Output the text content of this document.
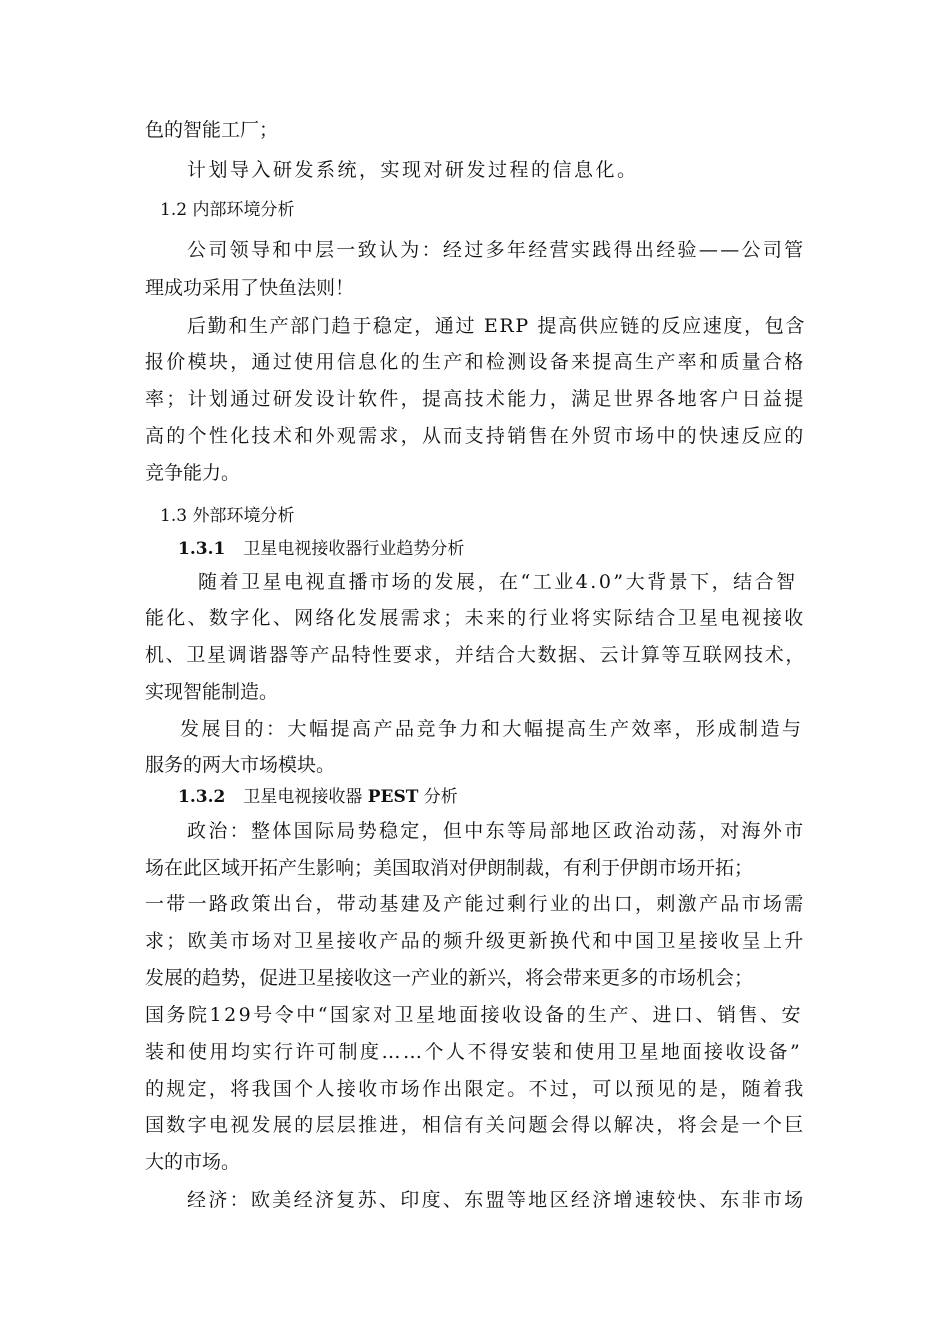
色的智能工厂；
计划导入研发系统，实现对研发过程的信息化。
1.2 内部环境分析
公司领导和中层一致认为：经过多年经营实践得出经验——公司管
理成功采用了快鱼法则！
后勤和生产部门趋于稳定，通过 ERP 提高供应链的反应速度，包含
报价模块，通过使用信息化的生产和检测设备来提高生产率和质量合格
率；计划通过研发设计软件，提高技术能力，满足世界各地客户日益提
高的个性化技术和外观需求，从而支持销售在外贸市场中的快速反应的
竞争能力。
1.3 外部环境分析
1.3.1 卫星电视接收器行业趋势分析
随着卫星电视直播市场的发展，在“工业4.0”大背景下，结合智
能化、数字化、网络化发展需求；未来的行业将实际结合卫星电视接收
机、卫星调谐器等产品特性要求，并结合大数据、云计算等互联网技术，
实现智能制造。
发展目的：大幅提高产品竞争力和大幅提高生产效率，形成制造与
服务的两大市场模块。
1.3.2 卫星电视接收器 PEST 分析
政治：整体国际局势稳定，但中东等局部地区政治动荡，对海外市
场在此区域开拓产生影响；美国取消对伊朗制裁，有利于伊朗市场开拓；
一带一路政策出台，带动基建及产能过剩行业的出口，刺激产品市场需
求；欧美市场对卫星接收产品的频升级更新换代和中国卫星接收呈上升
发展的趋势，促进卫星接收这一产业的新兴，将会带来更多的市场机会；
国务院129号令中“国家对卫星地面接收设备的生产、进口、销售、安
装和使用均实行许可制度……个人不得安装和使用卫星地面接收设备”
的规定，将我国个人接收市场作出限定。不过，可以预见的是，随着我
国数字电视发展的层层推进，相信有关问题会得以解决，将会是一个巨
大的市场。
经济：欧美经济复苏、印度、东盟等地区经济增速较快、东非市场
